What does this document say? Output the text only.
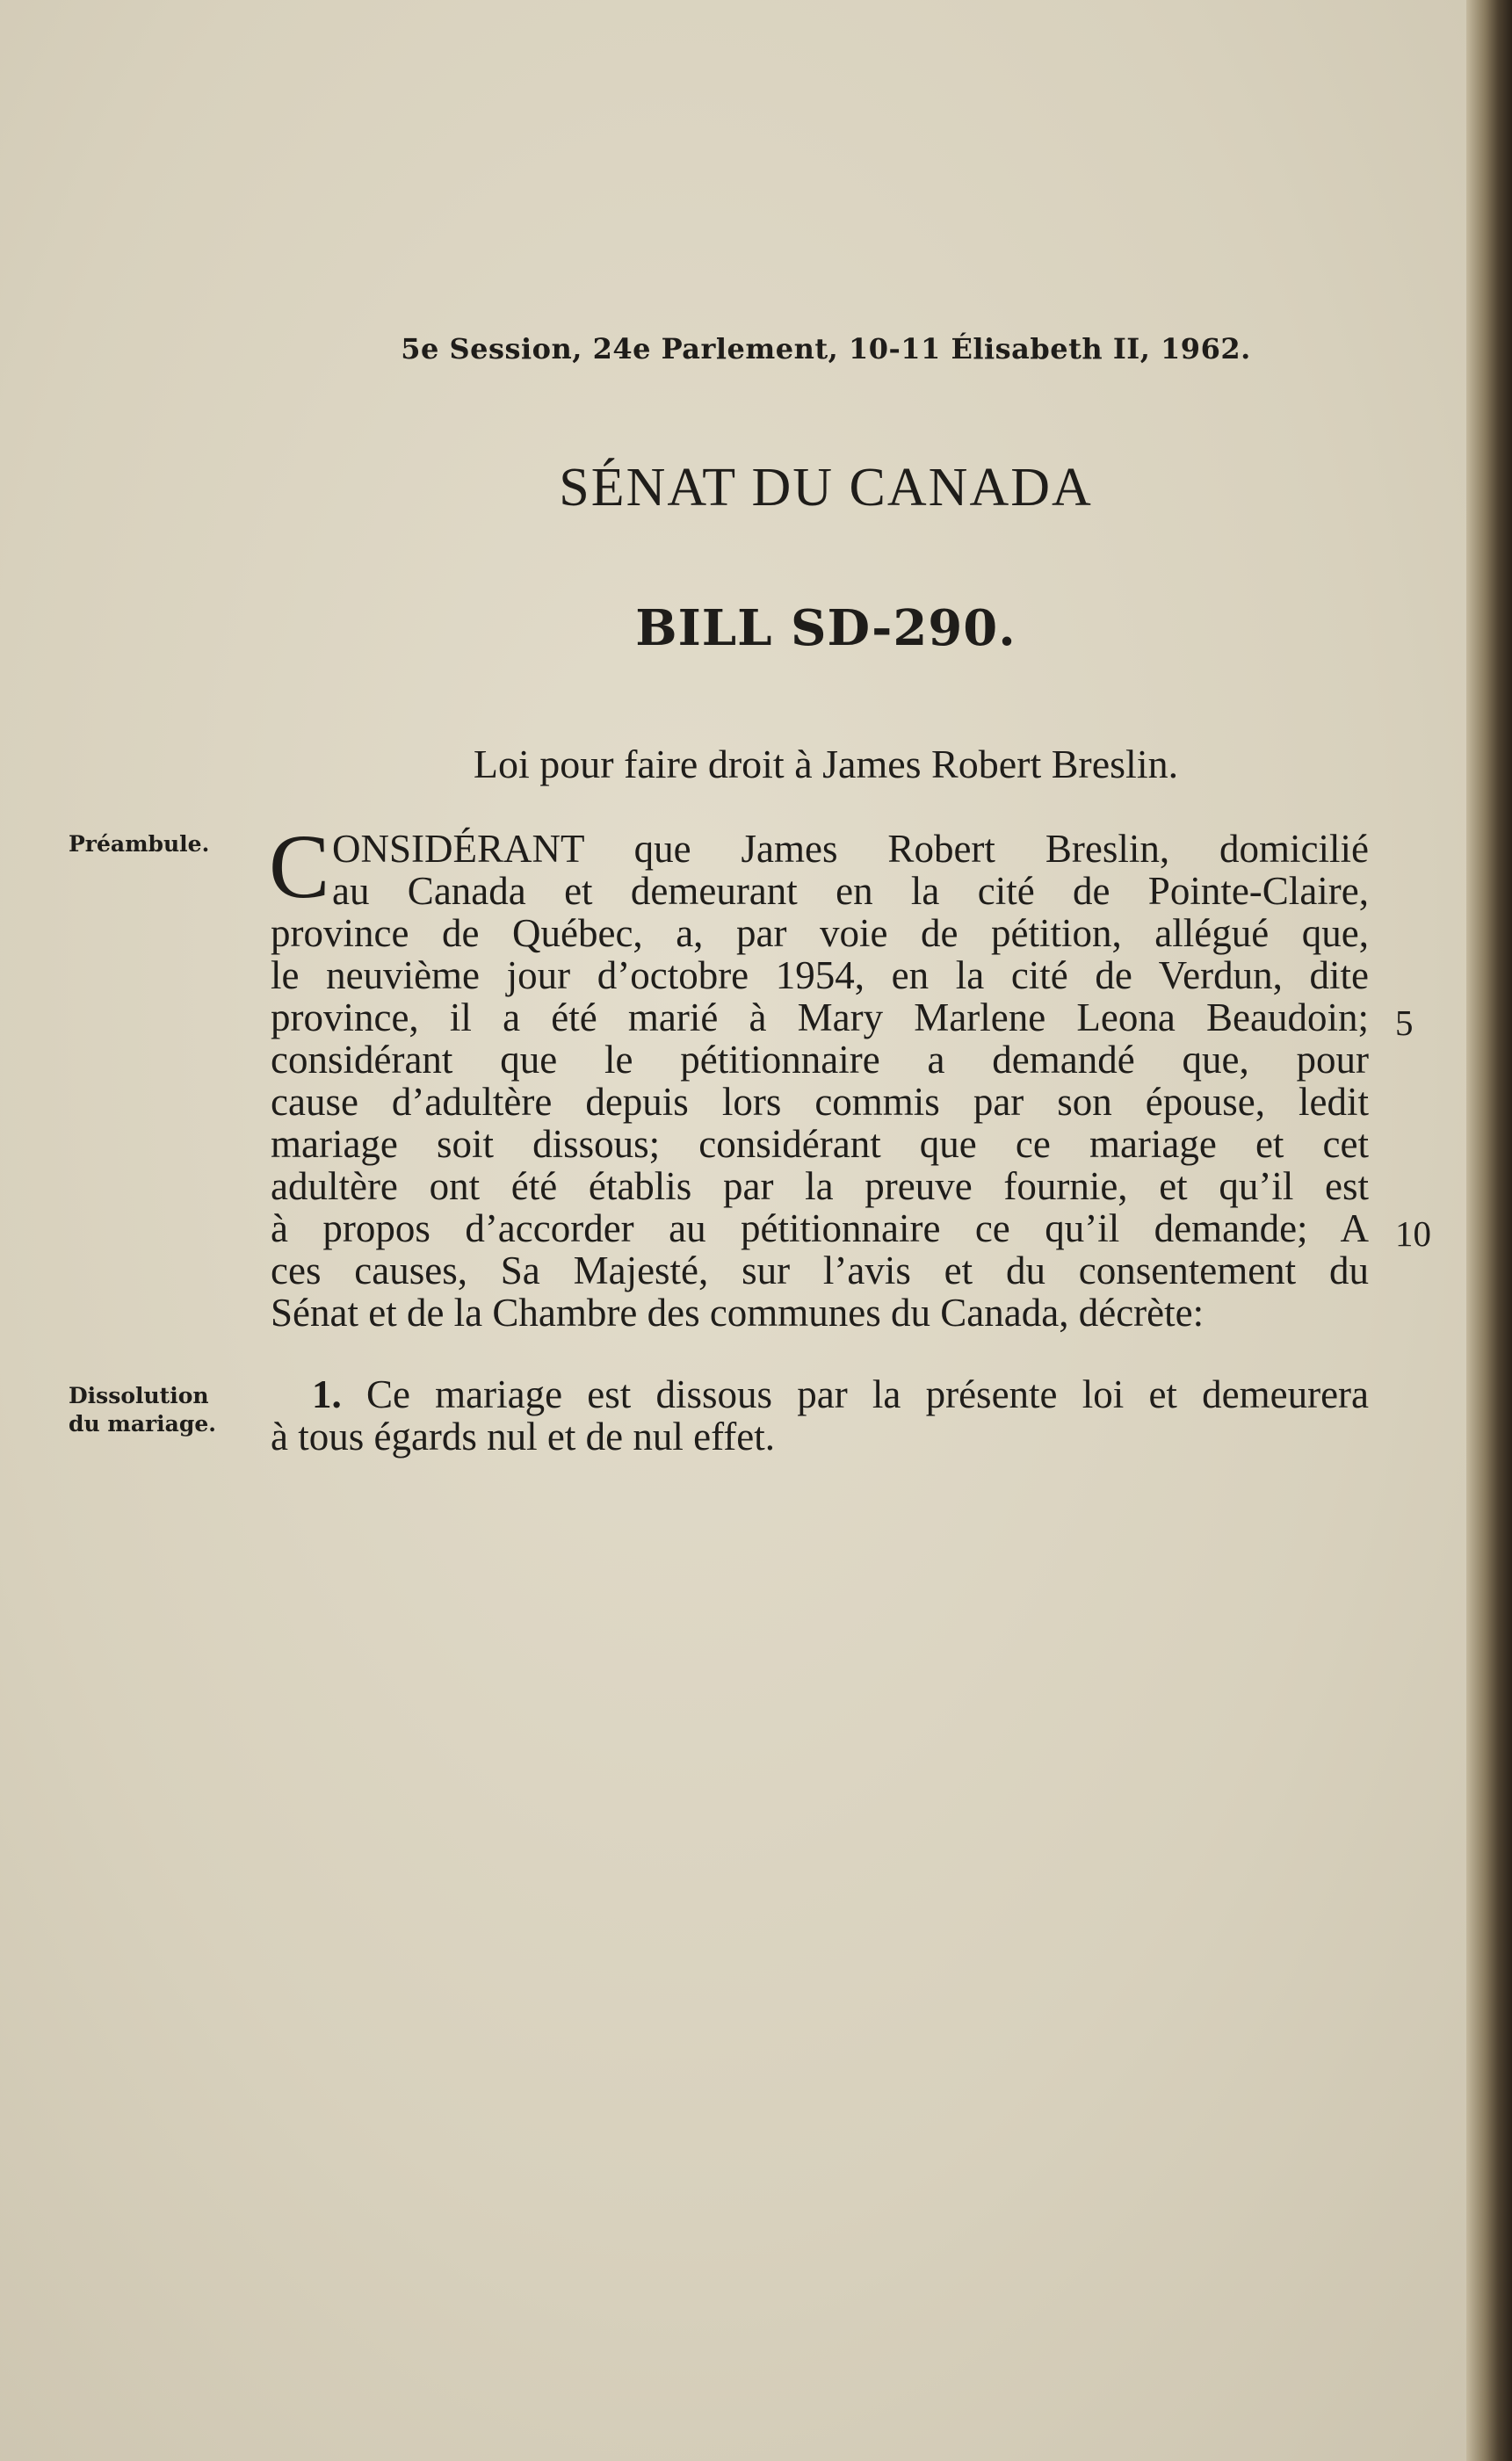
5e Session, 24e Parlement, 10-11 Élisabeth II, 1962.
SÉNAT DU CANADA
BILL SD-290.
Loi pour faire droit à James Robert Breslin.
Préambule. C ONSIDÉRANT que James Robert Breslin, domicilié
au Canada et demeurant en la cité de Pointe-Claire,
province de Québec, a, par voie de pétition, allégué que,
le neuvième jour d’octobre 1954, en la cité de Verdun, dite
province, il a été marié à Mary Marlene Leona Beaudoin;
considérant que le pétitionnaire a demandé que, pour
cause d’adultère depuis lors commis par son épouse, ledit
mariage soit dissous; considérant que ce mariage et cet
adultère ont été établis par la preuve fournie, et qu’il est
à propos d’accorder au pétitionnaire ce qu’il demande; A
ces causes, Sa Majesté, sur l’avis et du consentement du
Sénat et de la Chambre des communes du Canada, décrète:
5
10
Dissolution
du mariage.
1. Ce mariage est dissous par la présente loi et demeurera
à tous égards nul et de nul effet.
